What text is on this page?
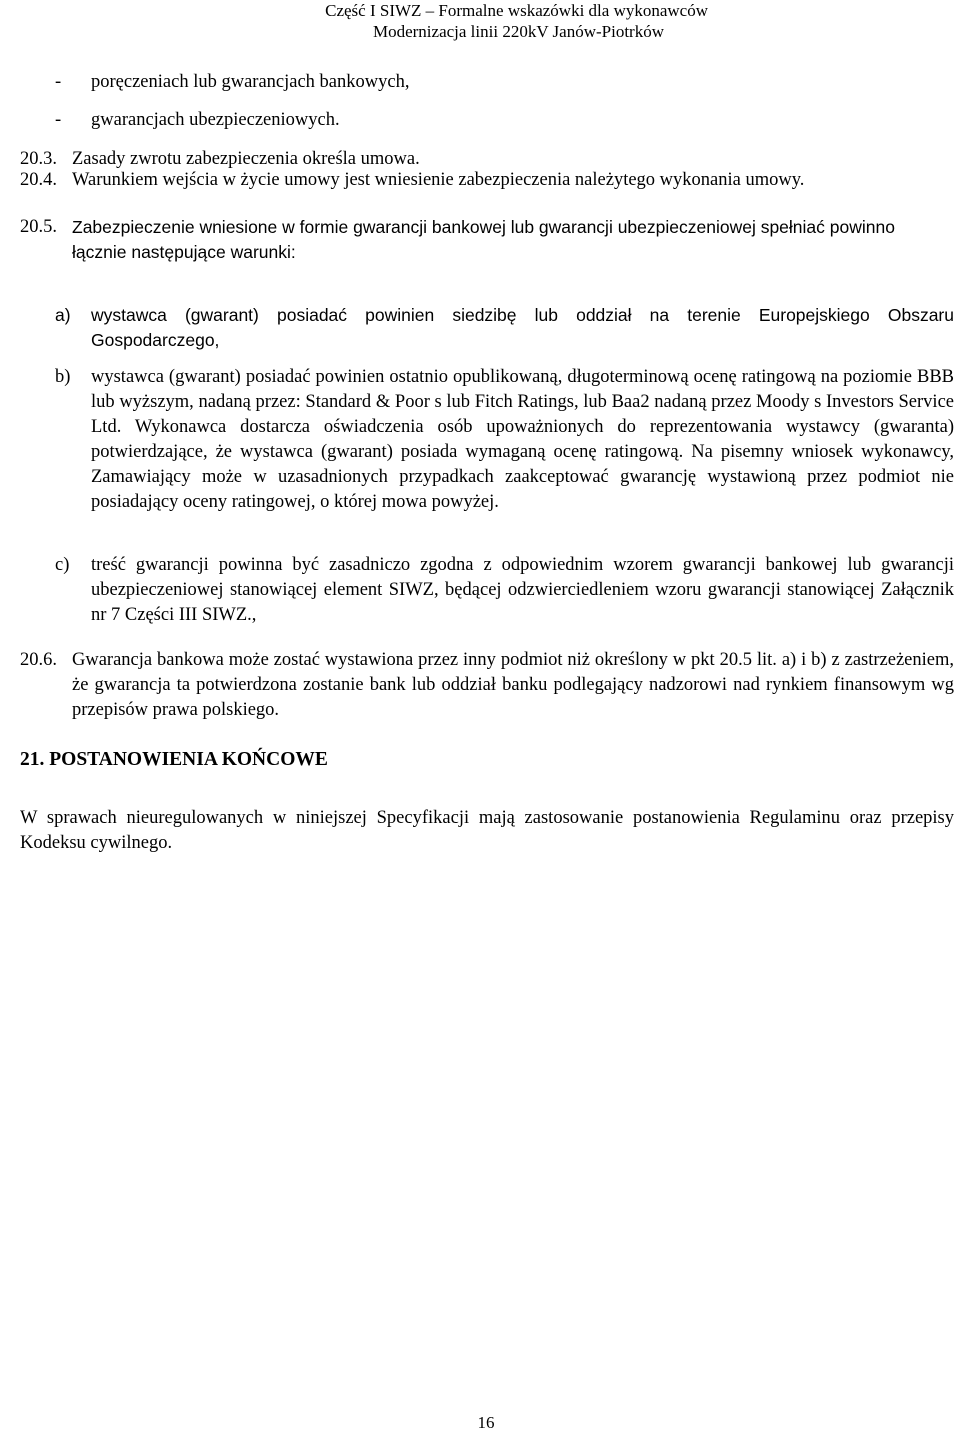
Część I SIWZ – Formalne wskazówki dla wykonawców
Modernizacja linii 220kV Janów-Piotrków
- poręczeniach lub gwarancjach bankowych,
- gwarancjach ubezpieczeniowych.
20.3. Zasady zwrotu zabezpieczenia określa umowa.
20.4. Warunkiem wejścia w życie umowy jest wniesienie zabezpieczenia należytego wykonania umowy.
20.5. Zabezpieczenie wniesione w formie gwarancji bankowej lub gwarancji ubezpieczeniowej spełniać powinno łącznie następujące warunki:
a) wystawca (gwarant) posiadać powinien siedzibę lub oddział na terenie Europejskiego Obszaru Gospodarczego,
b) wystawca (gwarant) posiadać powinien ostatnio opublikowaną, długoterminową ocenę ratingową na poziomie BBB lub wyższym, nadaną przez: Standard & Poor s lub Fitch Ratings, lub Baa2 nadaną przez Moody s Investors Service Ltd. Wykonawca dostarcza oświadczenia osób upoważnionych do reprezentowania wystawcy (gwaranta) potwierdzające, że wystawca (gwarant) posiada wymaganą ocenę ratingową. Na pisemny wniosek wykonawcy, Zamawiający może w uzasadnionych przypadkach zaakceptować gwarancję wystawioną przez podmiot nie posiadający oceny ratingowej, o której mowa powyżej.
c) treść gwarancji powinna być zasadniczo zgodna z odpowiednim wzorem gwarancji bankowej lub gwarancji ubezpieczeniowej stanowiącej element SIWZ, będącej odzwierciedleniem wzoru gwarancji stanowiącej Załącznik nr 7 Części III SIWZ.,
20.6. Gwarancja bankowa może zostać wystawiona przez inny podmiot niż określony w pkt 20.5 lit. a) i b) z zastrzeżeniem, że gwarancja ta potwierdzona zostanie bank lub oddział banku podlegający nadzorowi nad rynkiem finansowym wg przepisów prawa polskiego.
21. POSTANOWIENIA KOŃCOWE
W sprawach nieuregulowanych w niniejszej Specyfikacji mają zastosowanie postanowienia Regulaminu oraz przepisy Kodeksu cywilnego.
16
